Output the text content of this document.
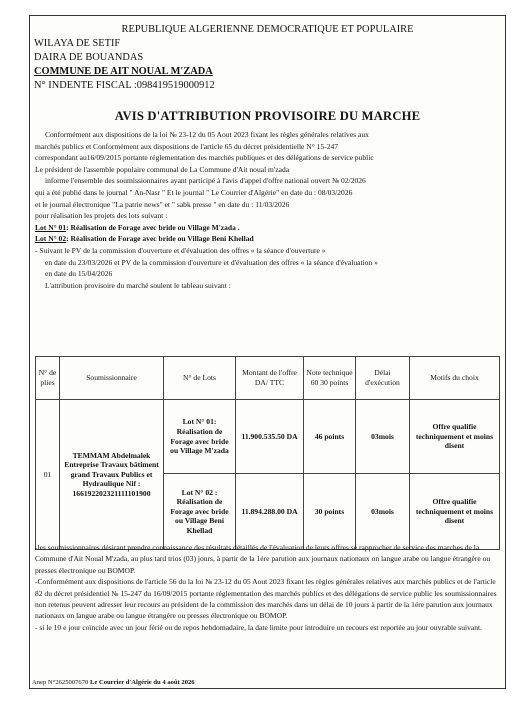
REPUBLIQUE ALGERIENNE DEMOCRATIQUE ET POPULAIRE
WILAYA DE SETIF
DAIRA DE BOUANDAS
COMMUNE DE AIT NOUAL M'ZADA
N° INDENTE FISCAL :098419519000912
AVIS D'ATTRIBUTION PROVISOIRE DU MARCHE

Conformément aux dispositions de la loi № 23-12 du 05 Aout 2023 fixant les règles générales relatives aux

marchés publics et Conformément aux dispositions de l'article 65 du décret présidentielle N° 15-247

correspondant au16/09/2015 portante réglementation des marchés publiques et des délégations de service public

Le président de l'assemble populaire communal de La Commune d'Ait noual m'zada

informe l'ensemble des soumissionnaires ayant participé à l'avis d'appel d'offre national ouvert № 02/2026

qui a été publié dans le journal " An-Nasr " Et le journal " Le Courrier d'Algérie" en date du : 08/03/2026

et le journal électronique "La patrie news" et " sabk presse " en date du : 11/03/2026

pour réalisation les projets des lots suivant :

Lot N° 01: Réalisation de Forage avec bride ou Village M'zada .

Lot N° 02: Réalisation de Forage avec bride ou Village Beni Khellad

- Suivant le PV de la commission d'ouverture et d'évaluation des offres « la séance d'ouverture »

en date du 23/03/2026 et PV de la commission d'ouverture et d'évaluation des offres « la séance d'évaluation »

en date du 15/04/2026

L'attribution provisoire du marché soulent le tableau suivant :

N° de plies	Soumissionnaire	N° de Lots	Montant de l'offre DA/ TTC	Note technique 60 30 points	Délai d'exécution	Motifs du choix
01	TEMMAM Abdelmalek Entreprise Travaux bâtiment grand Travaux Publics et Hydraulique Nif : 166192202321111101900	Lot N° 01: Réalisation de Forage avec bride ou Village M'zada	11.900.535.50 DA	46 points	03mois	Offre qualifie techniquement et moins disent
		Lot N° 02 : Réalisation de Forage avec bride ou Village Beni Khellad	11.894.288.00 DA	30 points	03mois	Offre qualifie techniquement et moins disent

-les soumissionnaires désirant prendre connaissance des résultats détaillés de l'évaluation de leurs offres se rapprocher de service des marches de la Commune d'Ait Noual M'zada, au plus tard trios (03) jours, à partir de la 1ére parution aux journaux nationaux on langue arabe ou langue étrangère ou presses électronique ou BOMOP.

-Conformément aux dispositions de l'article 56 du la loi № 23-12 du 05 Aout 2023 fixant les règles générales relatives aux marchés publics et de l'article 82 du décret présidentiel № 15-247 du 16/09/2015 portante réglementation des marchés publics et des délégations de service public les soumissionnaires non retenus peuvent adresser leur recours au président de la commission des marchés dans un délai de 10 jours à partir de la 1ére parution aux journaux nationaux on langue arabe ou langue étrangère ou presses électronique ou BOMOP.

- si le 10 e jour coïncide avec un jour férié ou de repos hebdomadaire, la date limite pour introduire un recours est reportée au jour ouvrable suivant.

Anep N°2625007670 Le Courrier d'Algérie du 4 août 2026
